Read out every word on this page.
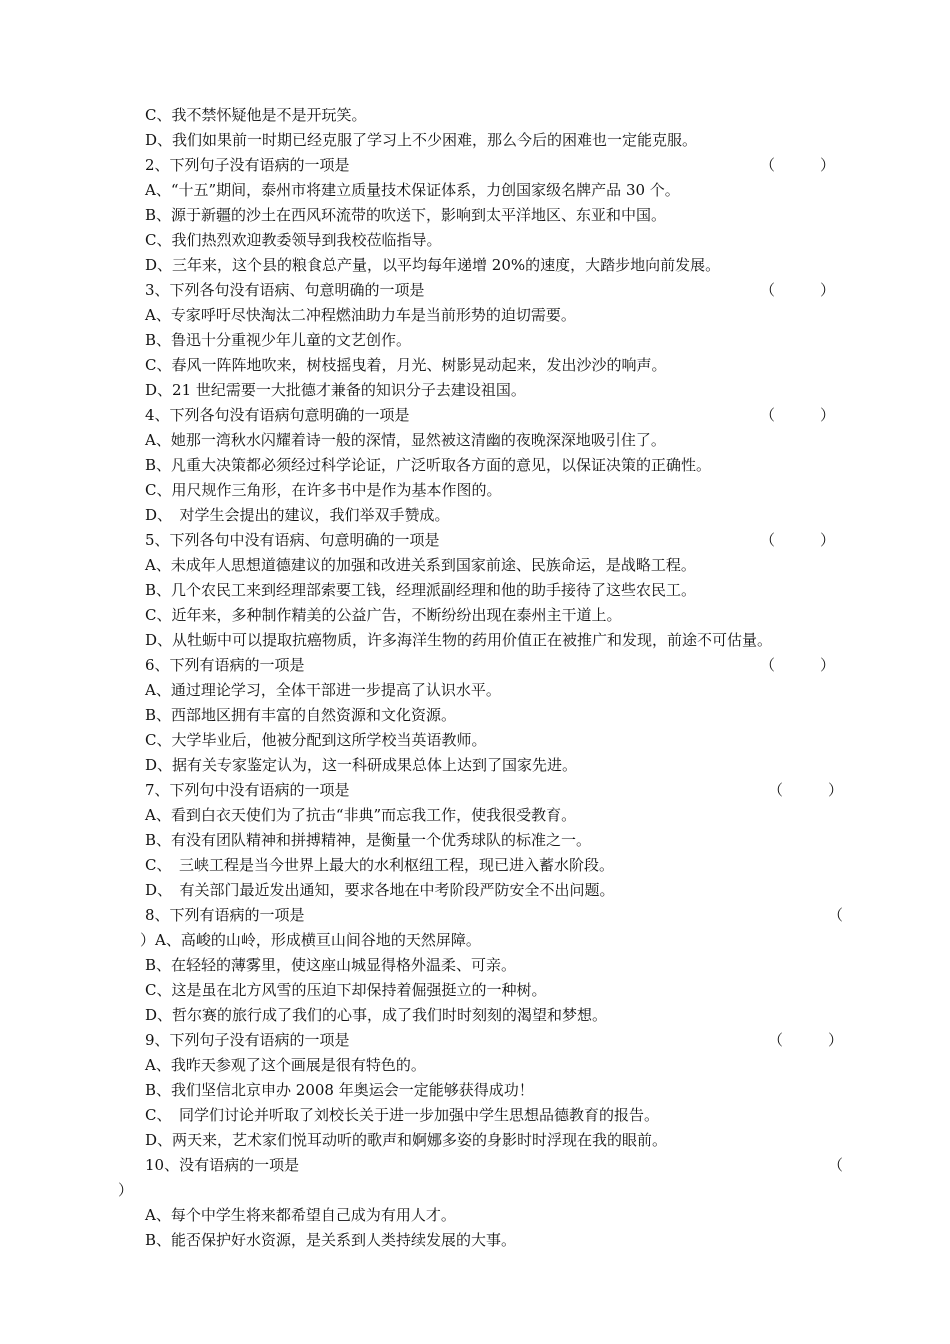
C、我不禁怀疑他是不是开玩笑。
D、我们如果前一时期已经克服了学习上不少困难，那么今后的困难也一定能克服。
2、下列句子没有语病的一项是	（　　　）
A、“十五”期间，泰州市将建立质量技术保证体系，力创国家级名牌产品 30 个。
B、源于新疆的沙土在西风环流带的吹送下，影响到太平洋地区、东亚和中国。
C、我们热烈欢迎教委领导到我校莅临指导。
D、三年来，这个县的粮食总产量，以平均每年递增 20%的速度，大踏步地向前发展。
3、下列各句没有语病、句意明确的一项是	（　　　）
A、专家呼吁尽快淘汰二冲程燃油助力车是当前形势的迫切需要。
B、鲁迅十分重视少年儿童的文艺创作。
C、春风一阵阵地吹来，树枝摇曳着，月光、树影晃动起来，发出沙沙的响声。
D、21 世纪需要一大批德才兼备的知识分子去建设祖国。
4、下列各句没有语病句意明确的一项是	（　　　）
A、她那一湾秋水闪耀着诗一般的深情，显然被这清幽的夜晚深深地吸引住了。
B、凡重大决策都必须经过科学论证，广泛听取各方面的意见，以保证决策的正确性。
C、用尺规作三角形，在许多书中是作为基本作图的。
D、　对学生会提出的建议，我们举双手赞成。
5、下列各句中没有语病、句意明确的一项是	（　　　）
A、未成年人思想道德建议的加强和改进关系到国家前途、民族命运，是战略工程。
B、几个农民工来到经理部索要工钱，经理派副经理和他的助手接待了这些农民工。
C、近年来，多种制作精美的公益广告，不断纷纷出现在泰州主干道上。
D、从牡蛎中可以提取抗癌物质，许多海洋生物的药用价值正在被推广和发现，前途不可估量。
6、下列有语病的一项是	（　　　）
A、通过理论学习，全体干部进一步提高了认识水平。
B、西部地区拥有丰富的自然资源和文化资源。
C、大学毕业后，他被分配到这所学校当英语教师。
D、据有关专家鉴定认为，这一科研成果总体上达到了国家先进。
7、下列句中没有语病的一项是	（　　　）
A、看到白衣天使们为了抗击“非典”而忘我工作，使我很受教育。
B、有没有团队精神和拼搏精神，是衡量一个优秀球队的标准之一。
C、　三峡工程是当今世界上最大的水利枢纽工程，现已进入蓄水阶段。
D、　有关部门最近发出通知，要求各地在中考阶段严防安全不出问题。
8、下列有语病的一项是	（
）A、高峻的山岭，形成横亘山间谷地的天然屏障。
B、在轻轻的薄雾里，使这座山城显得格外温柔、可亲。
C、这是虽在北方风雪的压迫下却保持着倔强挺立的一种树。
D、哲尔赛的旅行成了我们的心事，成了我们时时刻刻的渴望和梦想。
9、下列句子没有语病的一项是	（　　　）
A、我昨天参观了这个画展是很有特色的。
B、我们坚信北京申办 2008 年奥运会一定能够获得成功！
C、　同学们讨论并听取了刘校长关于进一步加强中学生思想品德教育的报告。
D、两天来，艺术家们悦耳动听的歌声和婀娜多姿的身影时时浮现在我的眼前。
10、没有语病的一项是	（
）
A、每个中学生将来都希望自己成为有用人才。
B、能否保护好水资源，是关系到人类持续发展的大事。
